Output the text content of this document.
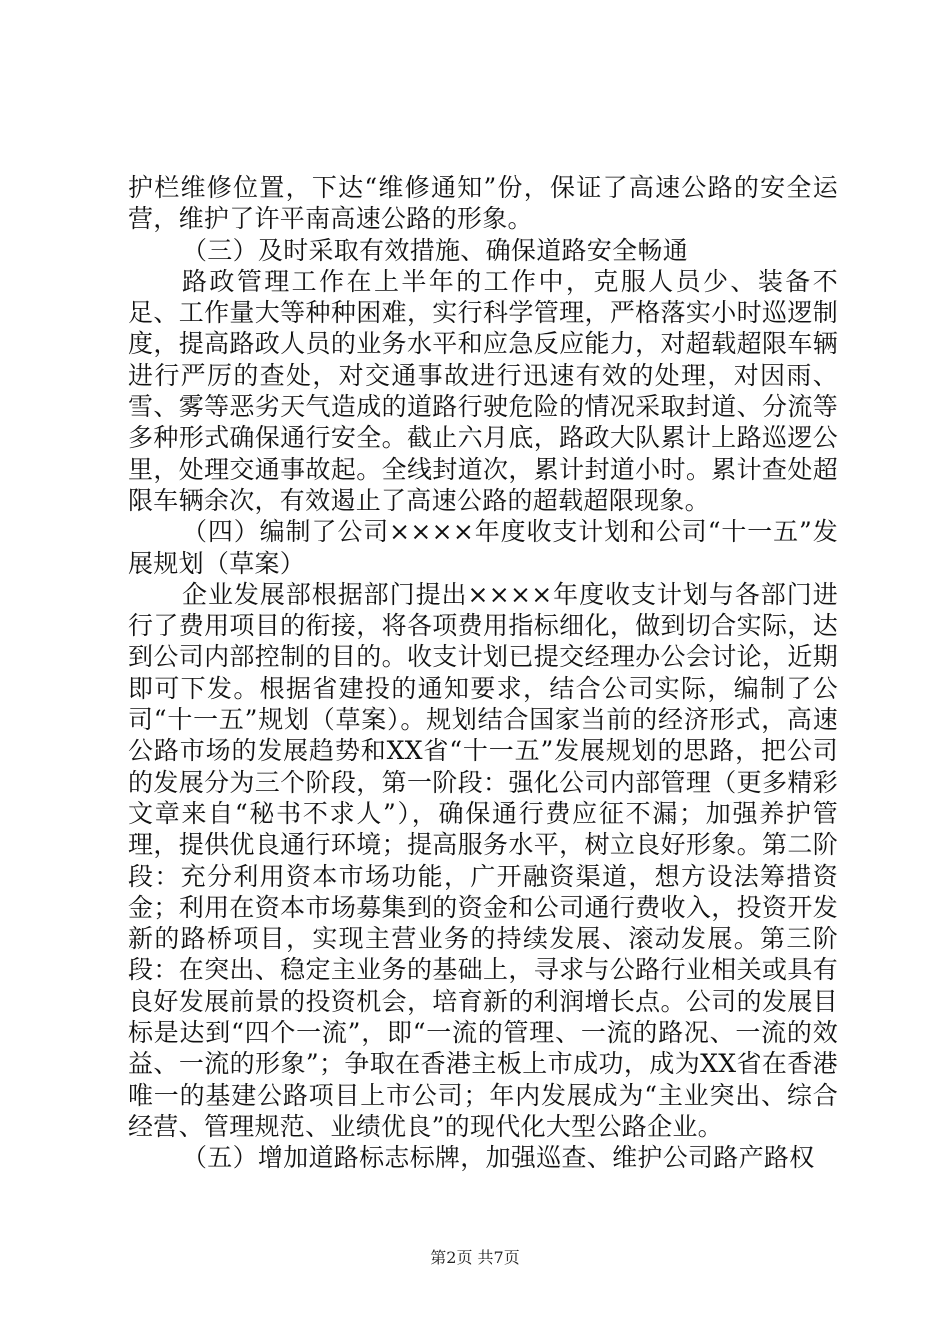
护栏维修位置，下达“维修通知”份，保证了高速公路的安全运营，维护了许平南高速公路的形象。

（三）及时采取有效措施、确保道路安全畅通

路政管理工作在上半年的工作中，克服人员少、装备不足、工作量大等种种困难，实行科学管理，严格落实小时巡逻制度，提高路政人员的业务水平和应急反应能力，对超载超限车辆进行严厉的查处，对交通事故进行迅速有效的处理，对因雨、雪、雾等恶劣天气造成的道路行驶危险的情况采取封道、分流等多种形式确保通行安全。截止六月底，路政大队累计上路巡逻公里，处理交通事故起。全线封道次，累计封道小时。累计查处超限车辆余次，有效遏止了高速公路的超载超限现象。

（四）编制了公司××××年度收支计划和公司“十一五”发展规划（草案）

企业发展部根据部门提出××××年度收支计划与各部门进行了费用项目的衔接，将各项费用指标细化，做到切合实际，达到公司内部控制的目的。收支计划已提交经理办公会讨论，近期即可下发。根据省建投的通知要求，结合公司实际，编制了公司“十一五”规划（草案）。规划结合国家当前的经济形式，高速公路市场的发展趋势和XX省“十一五”发展规划的思路，把公司的发展分为三个阶段，第一阶段：强化公司内部管理（更多精彩文章来自“秘书不求人”），确保通行费应征不漏；加强养护管理，提供优良通行环境；提高服务水平，树立良好形象。第二阶段：充分利用资本市场功能，广开融资渠道，想方设法筹措资金；利用在资本市场募集到的资金和公司通行费收入，投资开发新的路桥项目，实现主营业务的持续发展、滚动发展。第三阶段：在突出、稳定主业务的基础上，寻求与公路行业相关或具有良好发展前景的投资机会，培育新的利润增长点。公司的发展目标是达到“四个一流”，即“一流的管理、一流的路况、一流的效益、一流的形象”；争取在香港主板上市成功，成为XX省在香港唯一的基建公路项目上市公司；年内发展成为“主业突出、综合经营、管理规范、业绩优良”的现代化大型公路企业。

（五）增加道路标志标牌，加强巡查、维护公司路产路权

第2页 共7页
